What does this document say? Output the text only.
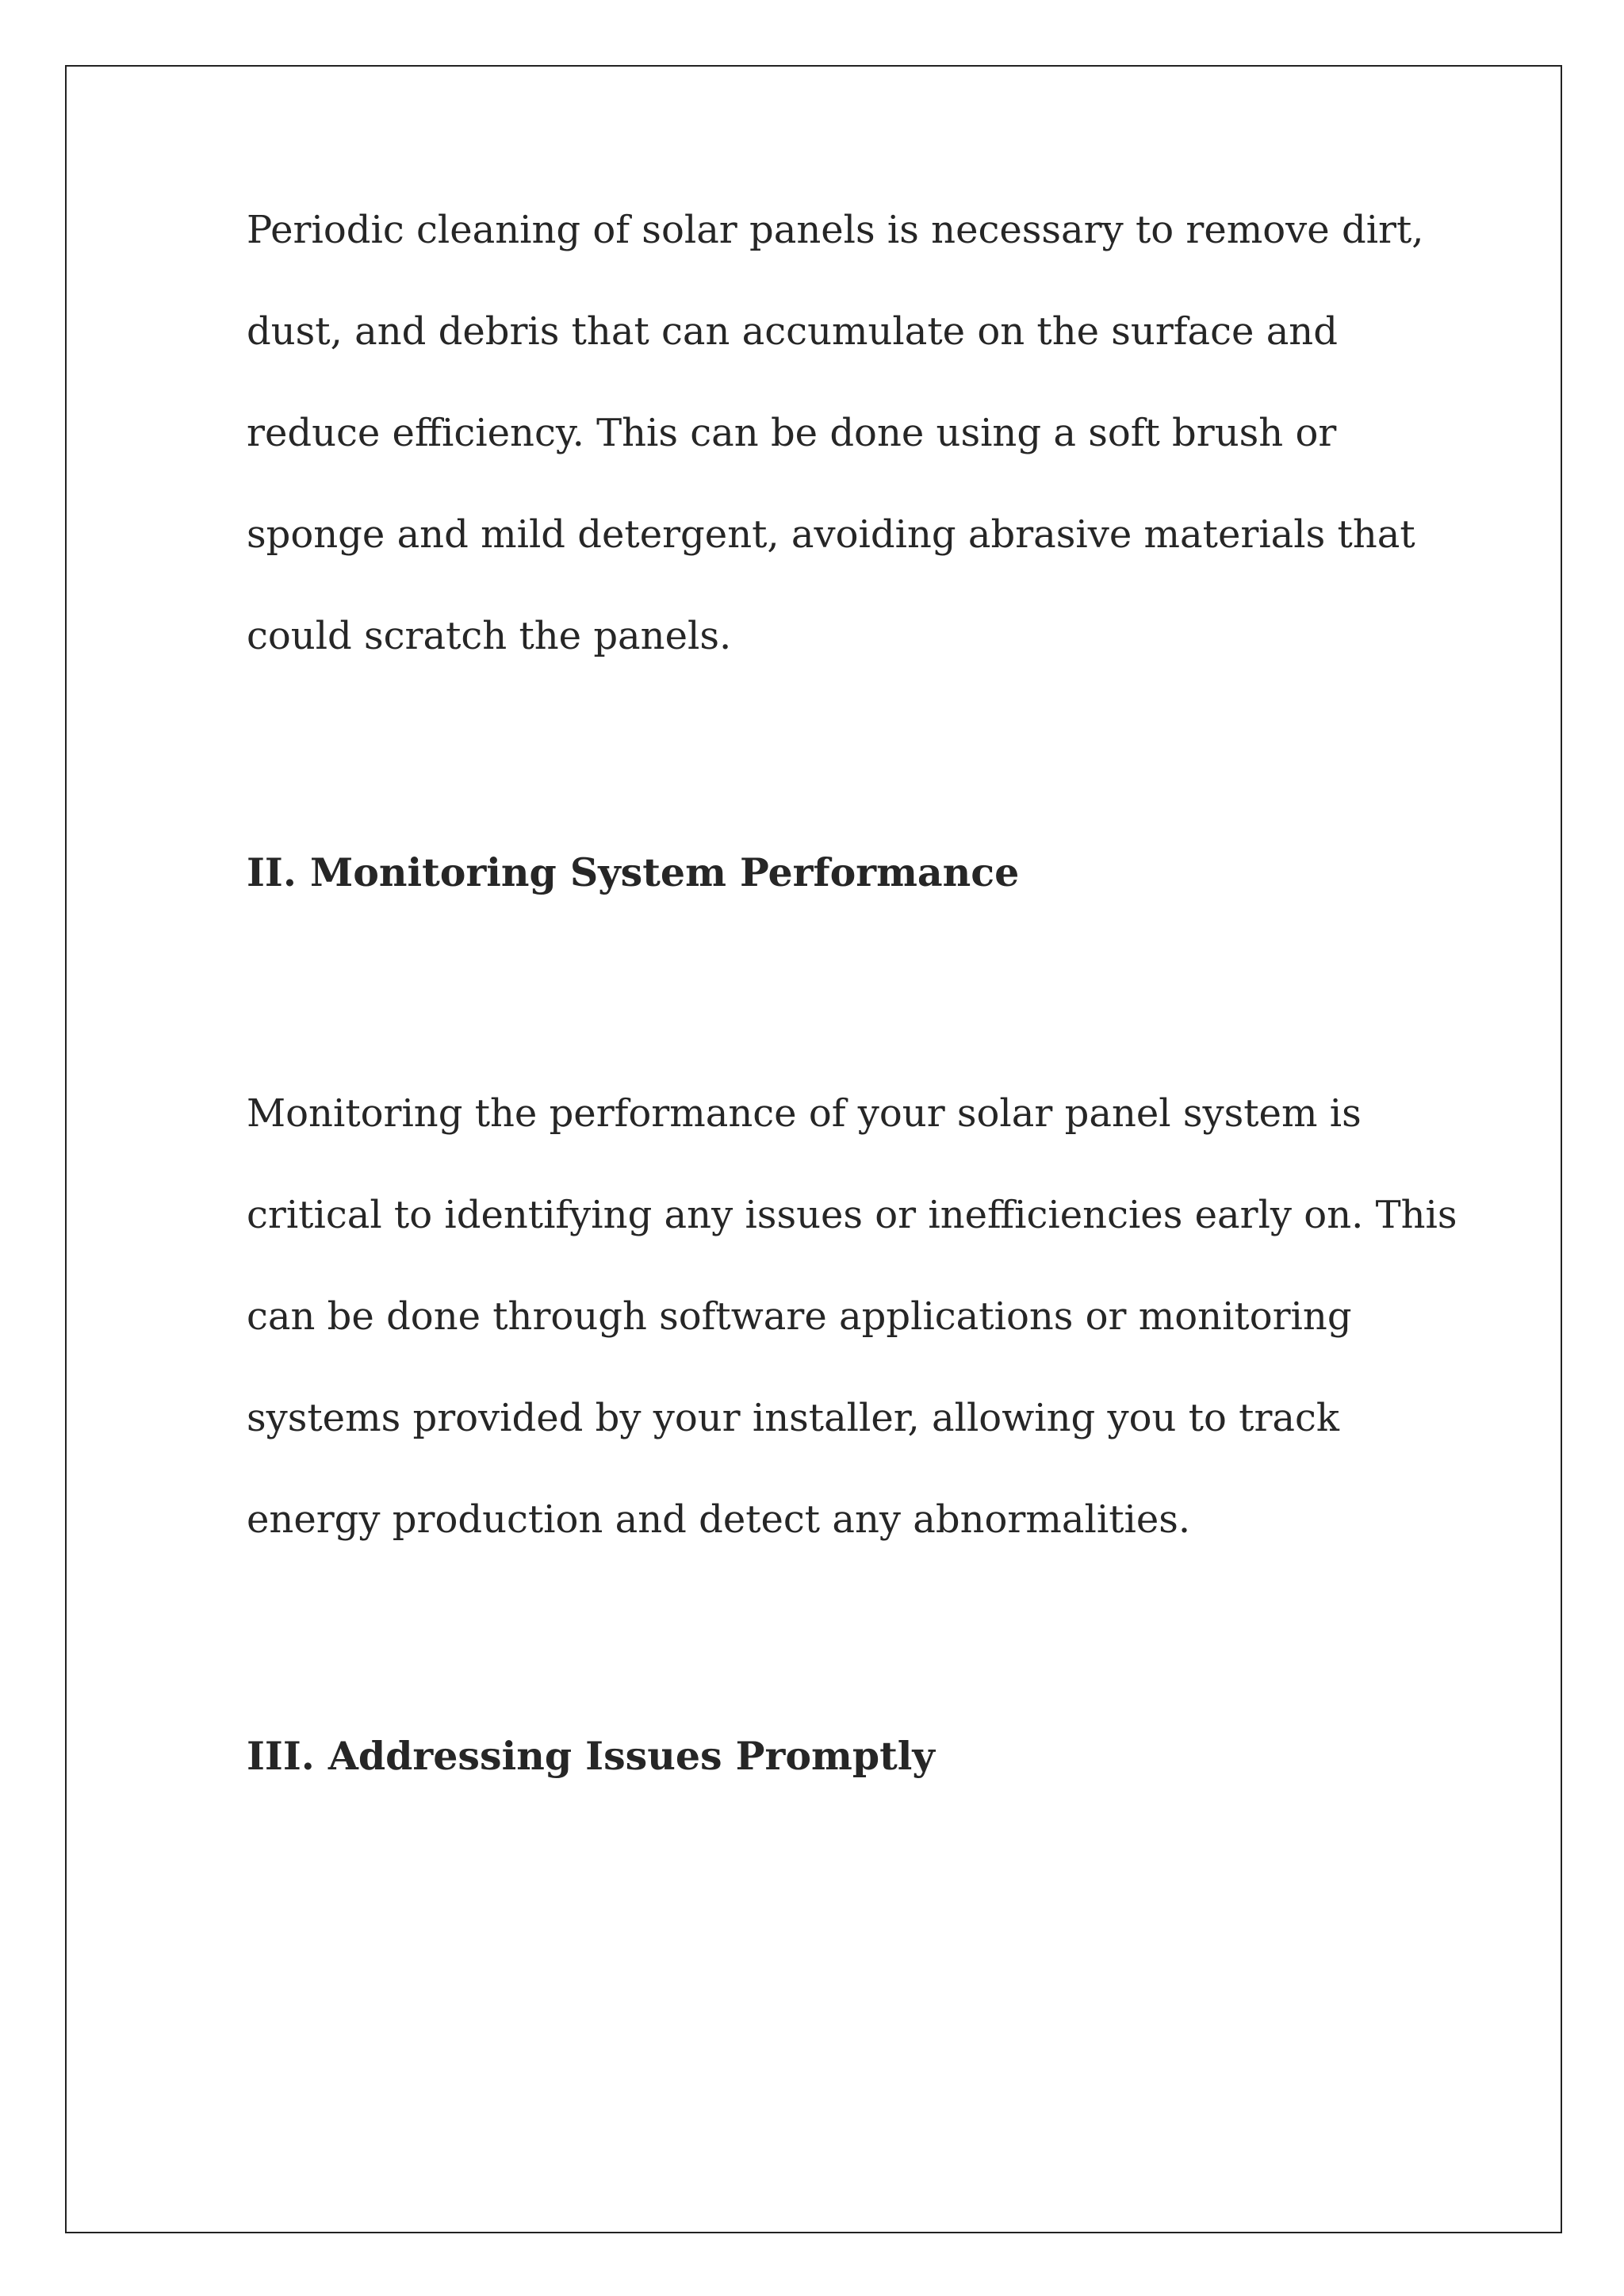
Periodic cleaning of solar panels is necessary to remove dirt,
dust, and debris that can accumulate on the surface and
reduce efficiency. This can be done using a soft brush or
sponge and mild detergent, avoiding abrasive materials that
could scratch the panels.

II. Monitoring System Performance

Monitoring the performance of your solar panel system is
critical to identifying any issues or inefficiencies early on. This
can be done through software applications or monitoring
systems provided by your installer, allowing you to track
energy production and detect any abnormalities.

III. Addressing Issues Promptly
